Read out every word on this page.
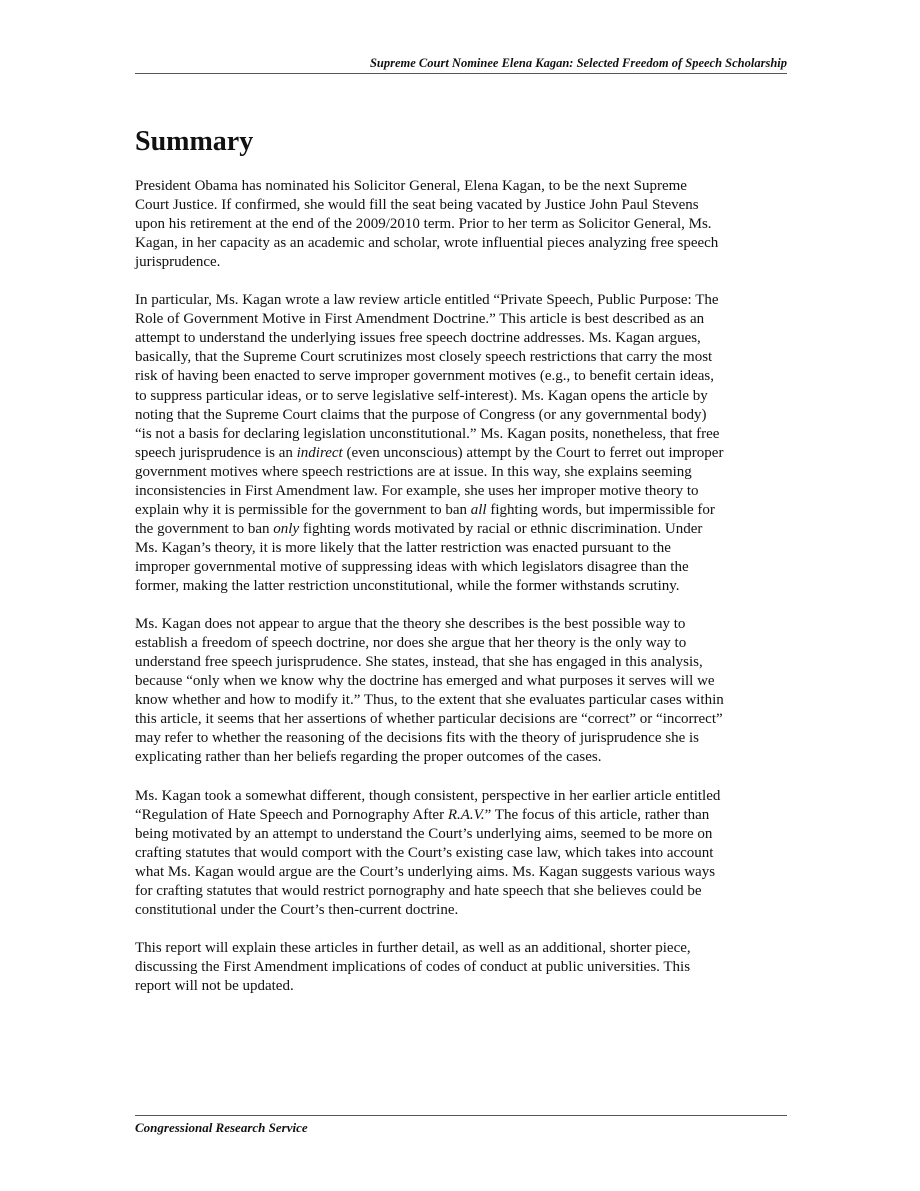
Supreme Court Nominee Elena Kagan: Selected Freedom of Speech Scholarship
Summary

President Obama has nominated his Solicitor General, Elena Kagan, to be the next Supreme
Court Justice. If confirmed, she would fill the seat being vacated by Justice John Paul Stevens
upon his retirement at the end of the 2009/2010 term. Prior to her term as Solicitor General, Ms.
Kagan, in her capacity as an academic and scholar, wrote influential pieces analyzing free speech
jurisprudence.

In particular, Ms. Kagan wrote a law review article entitled “Private Speech, Public Purpose: The
Role of Government Motive in First Amendment Doctrine.” This article is best described as an
attempt to understand the underlying issues free speech doctrine addresses. Ms. Kagan argues,
basically, that the Supreme Court scrutinizes most closely speech restrictions that carry the most
risk of having been enacted to serve improper government motives (e.g., to benefit certain ideas,
to suppress particular ideas, or to serve legislative self-interest). Ms. Kagan opens the article by
noting that the Supreme Court claims that the purpose of Congress (or any governmental body)
“is not a basis for declaring legislation unconstitutional.” Ms. Kagan posits, nonetheless, that free
speech jurisprudence is an indirect (even unconscious) attempt by the Court to ferret out improper
government motives where speech restrictions are at issue. In this way, she explains seeming
inconsistencies in First Amendment law. For example, she uses her improper motive theory to
explain why it is permissible for the government to ban all fighting words, but impermissible for
the government to ban only fighting words motivated by racial or ethnic discrimination. Under
Ms. Kagan’s theory, it is more likely that the latter restriction was enacted pursuant to the
improper governmental motive of suppressing ideas with which legislators disagree than the
former, making the latter restriction unconstitutional, while the former withstands scrutiny.

Ms. Kagan does not appear to argue that the theory she describes is the best possible way to
establish a freedom of speech doctrine, nor does she argue that her theory is the only way to
understand free speech jurisprudence. She states, instead, that she has engaged in this analysis,
because “only when we know why the doctrine has emerged and what purposes it serves will we
know whether and how to modify it.” Thus, to the extent that she evaluates particular cases within
this article, it seems that her assertions of whether particular decisions are “correct” or “incorrect”
may refer to whether the reasoning of the decisions fits with the theory of jurisprudence she is
explicating rather than her beliefs regarding the proper outcomes of the cases.

Ms. Kagan took a somewhat different, though consistent, perspective in her earlier article entitled
“Regulation of Hate Speech and Pornography After R.A.V.” The focus of this article, rather than
being motivated by an attempt to understand the Court’s underlying aims, seemed to be more on
crafting statutes that would comport with the Court’s existing case law, which takes into account
what Ms. Kagan would argue are the Court’s underlying aims. Ms. Kagan suggests various ways
for crafting statutes that would restrict pornography and hate speech that she believes could be
constitutional under the Court’s then-current doctrine.

This report will explain these articles in further detail, as well as an additional, shorter piece,
discussing the First Amendment implications of codes of conduct at public universities. This
report will not be updated.

Congressional Research Service
